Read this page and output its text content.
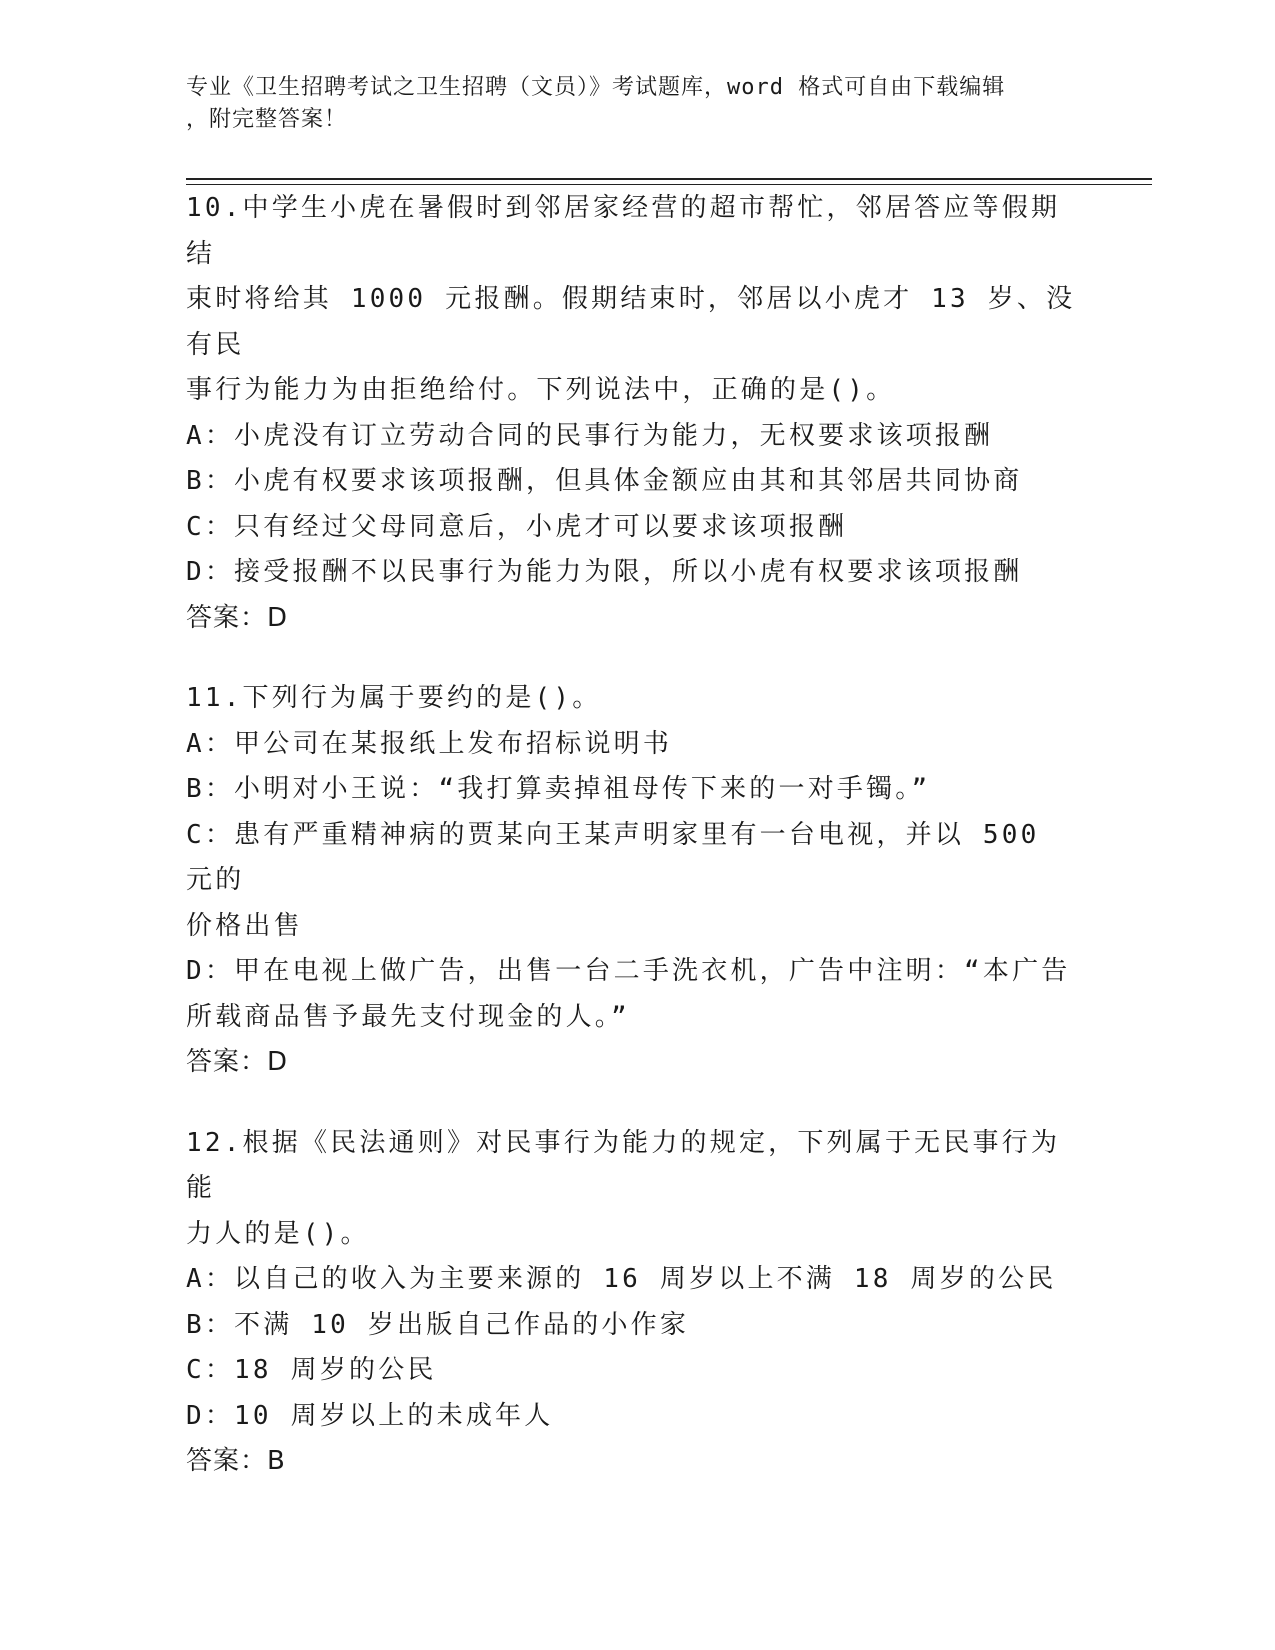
专业《卫生招聘考试之卫生招聘（文员）》考试题库，word 格式可自由下载编辑
，附完整答案！

10.中学生小虎在暑假时到邻居家经营的超市帮忙，邻居答应等假期结

束时将给其 1000 元报酬。假期结束时，邻居以小虎才 13 岁、没有民

事行为能力为由拒绝给付。下列说法中，正确的是()。

A：小虎没有订立劳动合同的民事行为能力，无权要求该项报酬

B：小虎有权要求该项报酬，但具体金额应由其和其邻居共同协商

C：只有经过父母同意后，小虎才可以要求该项报酬

D：接受报酬不以民事行为能力为限，所以小虎有权要求该项报酬

答案：D

11.下列行为属于要约的是()。

A：甲公司在某报纸上发布招标说明书

B：小明对小王说：“我打算卖掉祖母传下来的一对手镯。”

C：患有严重精神病的贾某向王某声明家里有一台电视，并以 500 元的

价格出售

D：甲在电视上做广告，出售一台二手洗衣机，广告中注明：“本广告

所载商品售予最先支付现金的人。”

答案：D

12.根据《民法通则》对民事行为能力的规定，下列属于无民事行为能

力人的是()。

A：以自己的收入为主要来源的 16 周岁以上不满 18 周岁的公民

B：不满 10 岁出版自己作品的小作家

C：18 周岁的公民

D：10 周岁以上的未成年人

答案：B
